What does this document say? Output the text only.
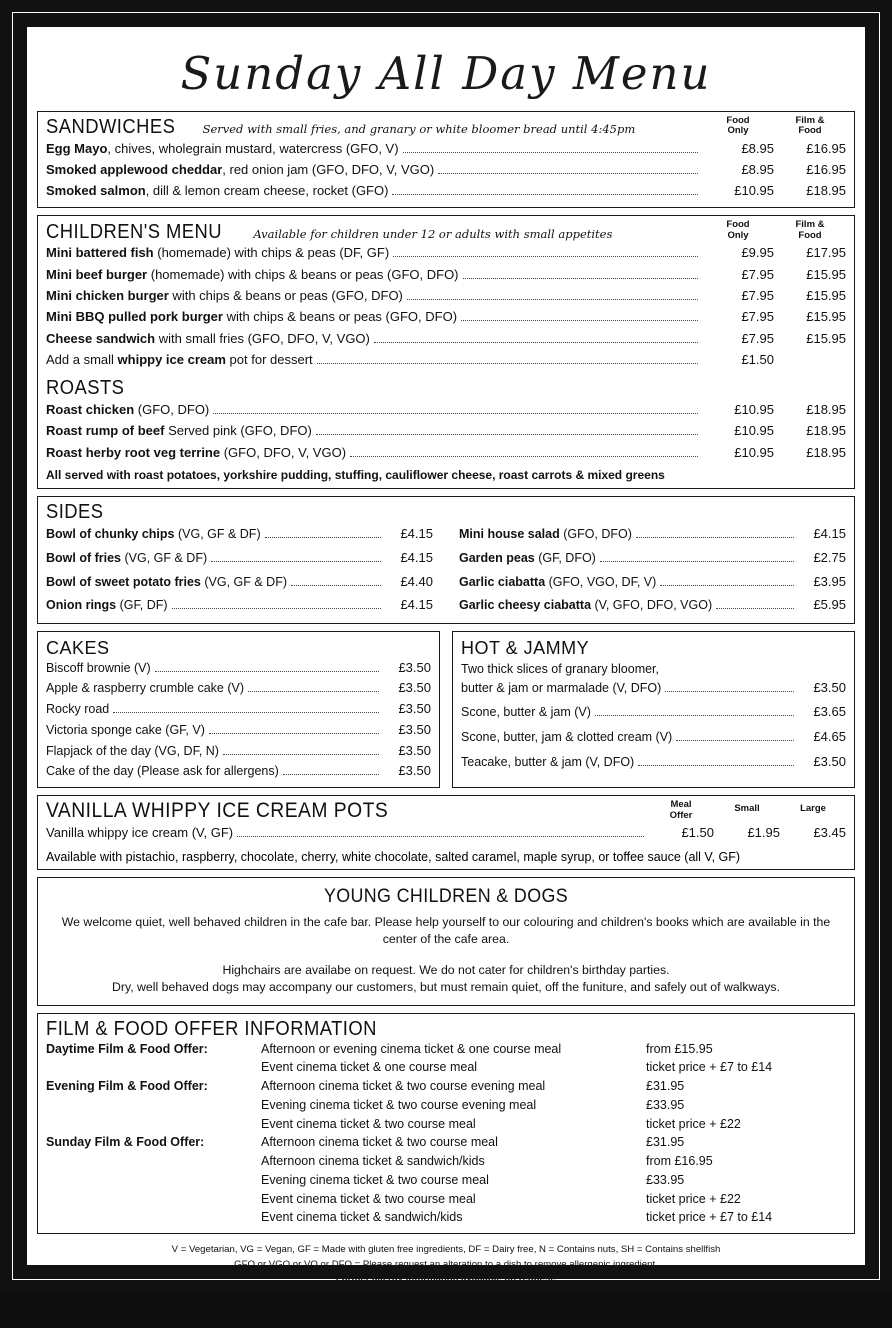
Sunday All Day Menu
SANDWICHES Served with small fries, and granary or white bloomer bread until 4:45pm
Food
Only
Film &
Food
Egg Mayo, chives, wholegrain mustard, watercress (GFO, V)	£8.95	£16.95
Smoked applewood cheddar, red onion jam (GFO, DFO, V, VGO)	£8.95	£16.95
Smoked salmon, dill & lemon cream cheese, rocket (GFO)	£10.95	£18.95
CHILDREN'S MENU	Available for children under 12 or adults with small appetites
Food
Only
Film &
Food
Mini battered fish (homemade) with chips & peas (DF, GF)	£9.95	£17.95
Mini beef burger (homemade) with chips & beans or peas (GFO, DFO)	£7.95	£15.95
Mini chicken burger with chips & beans or peas (GFO, DFO)	£7.95	£15.95
Mini BBQ pulled pork burger with chips & beans or peas (GFO, DFO)	£7.95	£15.95
Cheese sandwich with small fries (GFO, DFO, V, VGO)	£7.95	£15.95
Add a small whippy ice cream pot for dessert	£1.50
ROASTS
Roast chicken (GFO, DFO)	£10.95	£18.95
Roast rump of beef Served pink (GFO, DFO)	£10.95	£18.95
Roast herby root veg terrine (GFO, DFO, V, VGO)	£10.95	£18.95
All served with roast potatoes, yorkshire pudding, stuffing, cauliflower cheese, roast carrots & mixed greens
SIDES
Bowl of chunky chips (VG, GF & DF)	£4.15
Bowl of fries (VG, GF & DF)	£4.15
Bowl of sweet potato fries (VG, GF & DF)	£4.40
Onion rings (GF, DF)	£4.15
Mini house salad (GFO, DFO)	£4.15
Garden peas (GF, DFO)	£2.75
Garlic ciabatta (GFO, VGO, DF, V)	£3.95
Garlic cheesy ciabatta (V, GFO, DFO, VGO)	£5.95
CAKES
Biscoff brownie (V)	£3.50
Apple & raspberry crumble cake (V)	£3.50
Rocky road	£3.50
Victoria sponge cake (GF, V)	£3.50
Flapjack of the day (VG, DF, N)	£3.50
Cake of the day (Please ask for allergens)	£3.50
HOT & JAMMY
Two thick slices of granary bloomer,
butter & jam or marmalade (V, DFO)	£3.50
Scone, butter & jam (V)	£3.65
Scone, butter, jam & clotted cream (V)	£4.65
Teacake, butter & jam (V, DFO)	£3.50
VANILLA WHIPPY ICE CREAM POTS	Meal
Offer
Small	Large
Vanilla whippy ice cream (V, GF)	£1.50	£1.95	£3.45
Available with pistachio, raspberry, chocolate, cherry, white chocolate, salted caramel, maple syrup, or toffee sauce (all V, GF)
YOUNG CHILDREN & DOGS
We welcome quiet, well behaved children in the cafe bar. Please help yourself to our colouring and children's books which are available in the center of the cafe area.
Highchairs are availabe on request. We do not cater for children's birthday parties.
Dry, well behaved dogs may accompany our customers, but must remain quiet, off the funiture, and safely out of walkways.
FILM & FOOD OFFER INFORMATION
Daytime Film & Food Offer:	Afternoon or evening cinema ticket & one course meal	from £15.95
Event cinema ticket & one course meal	ticket price + £7 to £14
Evening Film & Food Offer:	Afternoon cinema ticket & two course evening meal	£31.95
Evening cinema ticket & two course evening meal	£33.95
Event cinema ticket & two course meal	ticket price + £22
Sunday Film & Food Offer:	Afternoon cinema ticket & two course meal	£31.95
Afternoon cinema ticket & sandwich/kids	from £16.95
Evening cinema ticket & two course meal	£33.95
Event cinema ticket & two course meal	ticket price + £22
Event cinema ticket & sandwich/kids	ticket price + £7 to £14
V = Vegetarian, VG = Vegan, GF = Made with gluten free ingredients, DF = Dairy free, N = Contains nuts, SH = Contains shellfish
GFO or VGO or VO or DFO = Please request an alteration to a dish to remove allergenic ingredient.
Further allergy information available on request.
You should always advise your server of any special dietary requirements, including intolerances & allergies. Where possible, our trained staff will advise you on alternative dishes.
However, while we do our best to reduce the risk of cross-contamination in our restaurant, we CANNOT guarantee that any of our dishes are free from allergens & therefore cannot accept
any liability in this respect. Guests with severe allergies are advised to assess their own level of risk & consume dishes at their own risk.
